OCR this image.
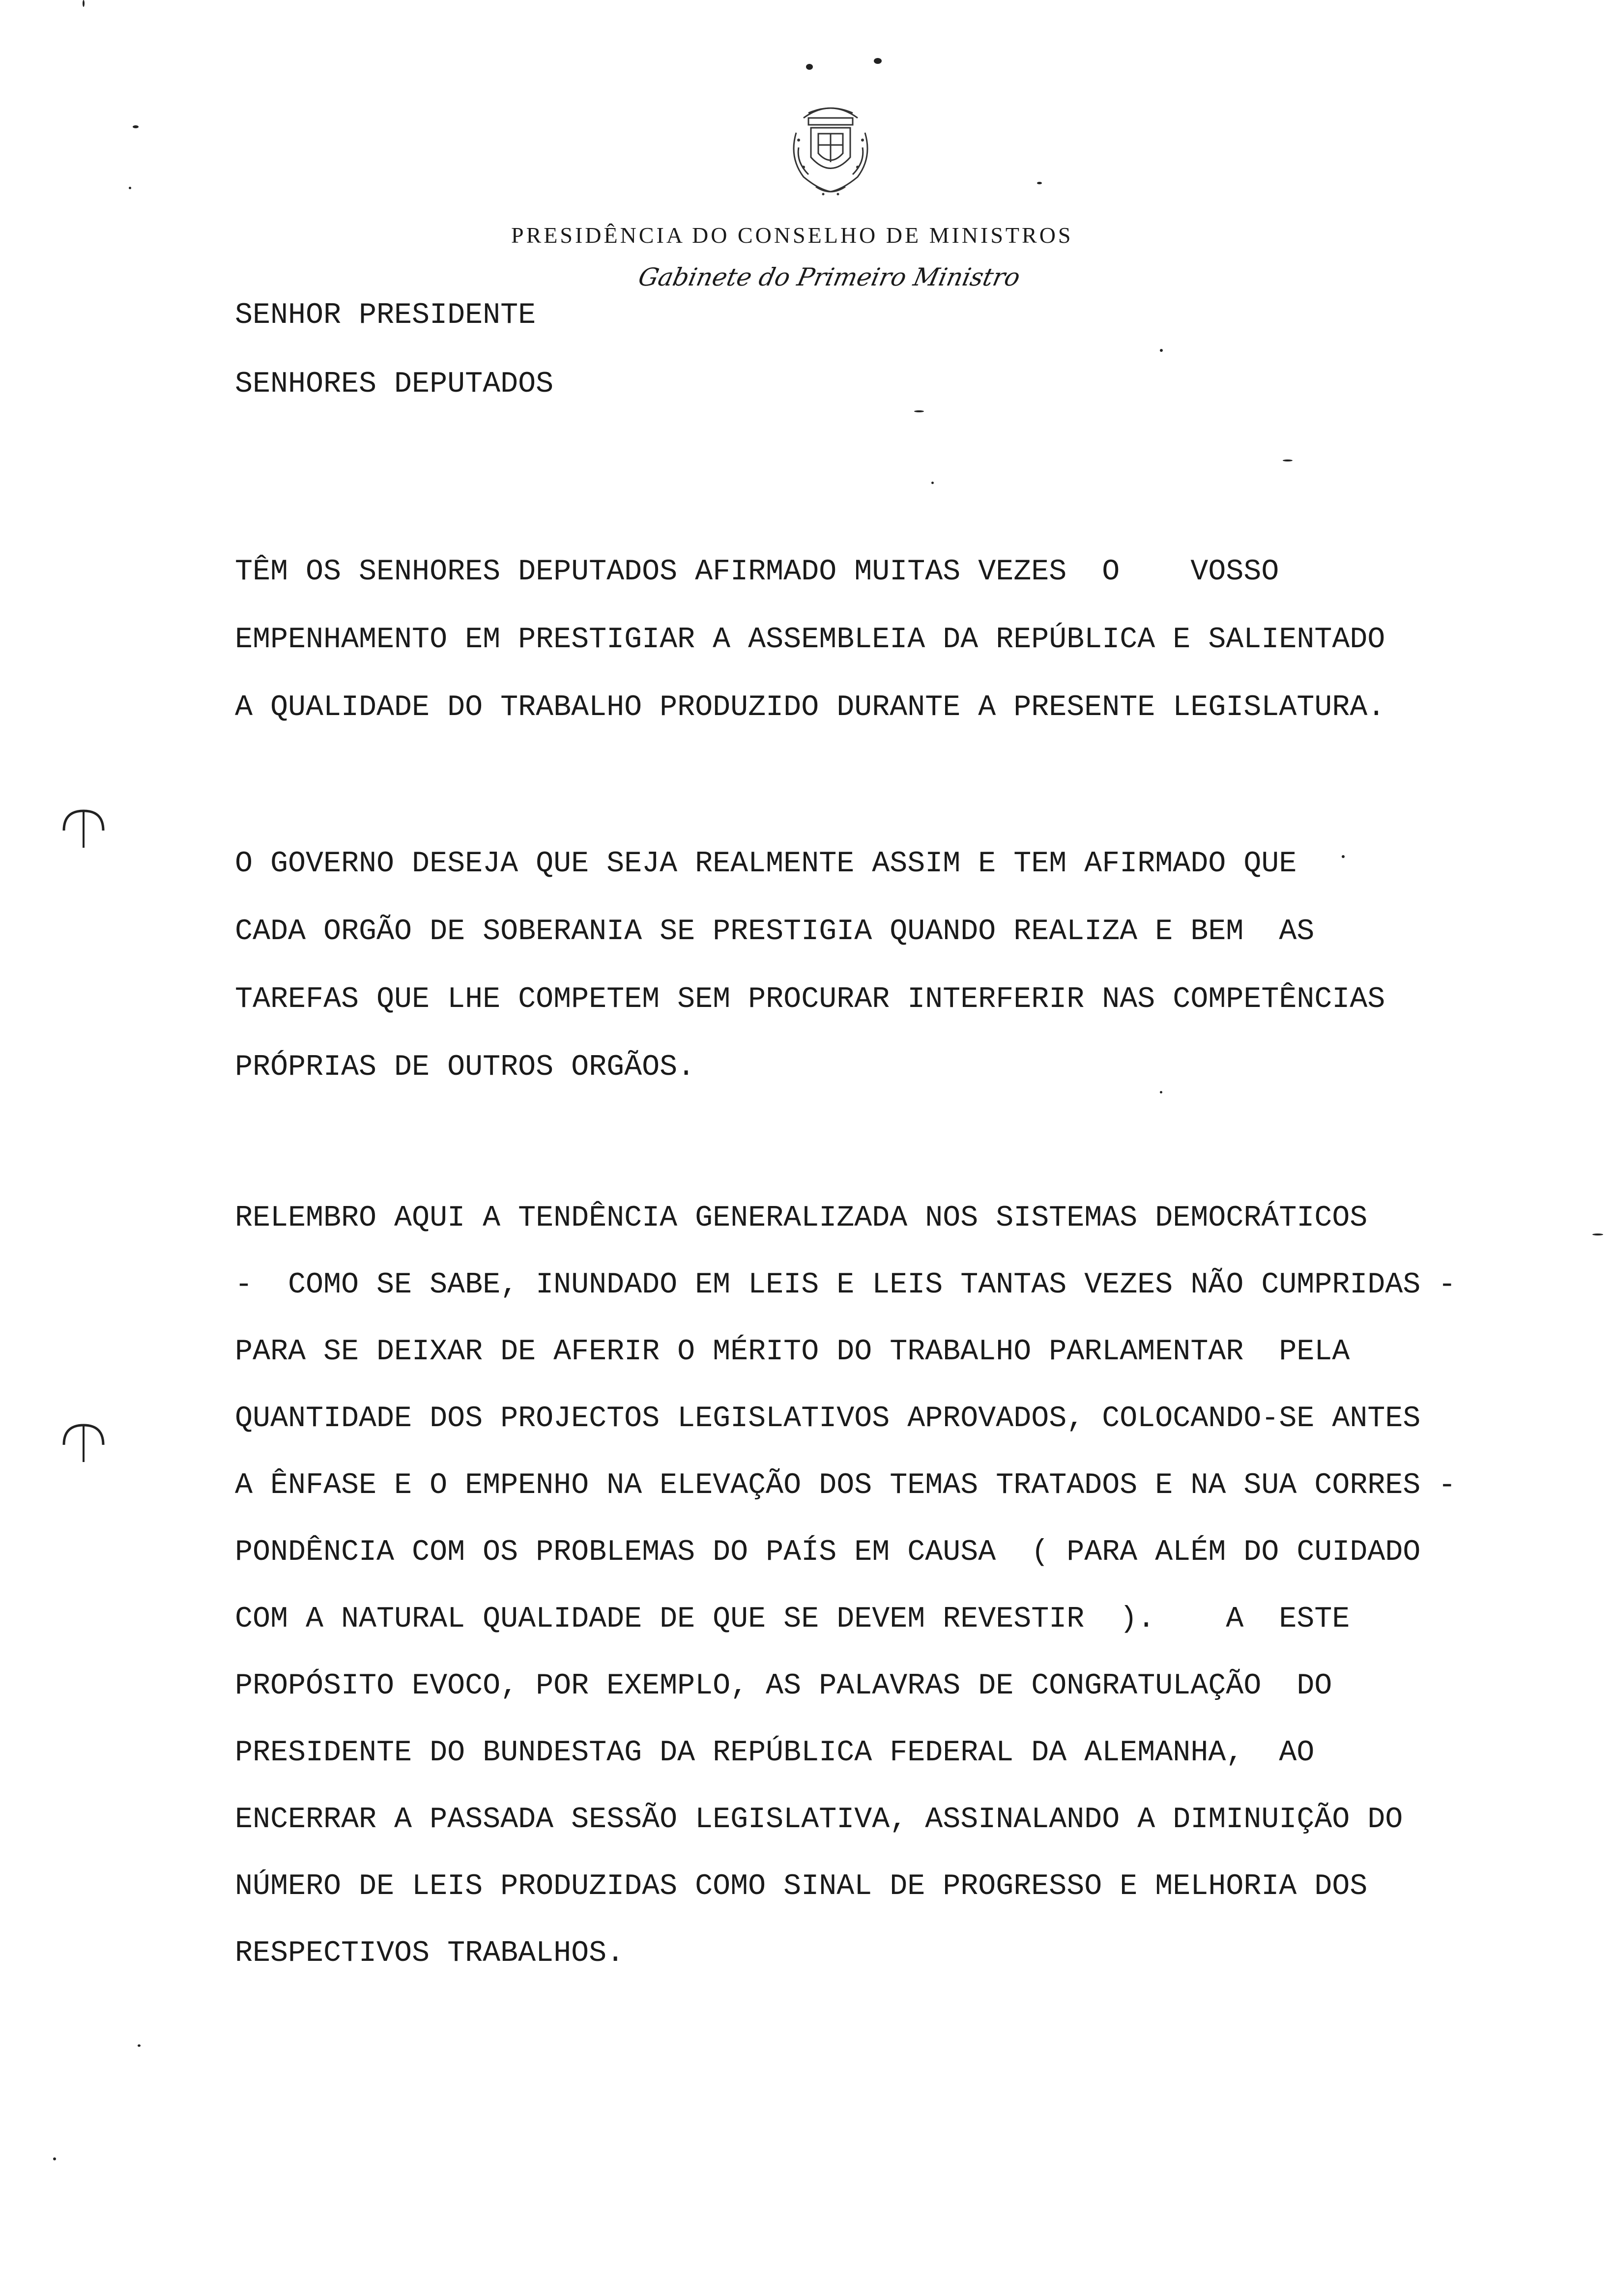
PRESIDÊNCIA DO CONSELHO DE MINISTROS
Gabinete do Primeiro Ministro
SENHOR PRESIDENTE
SENHORES DEPUTADOS
TÊM OS SENHORES DEPUTADOS AFIRMADO MUITAS VEZES  O    VOSSO
EMPENHAMENTO EM PRESTIGIAR A ASSEMBLEIA DA REPÚBLICA E SALIENTADO
A QUALIDADE DO TRABALHO PRODUZIDO DURANTE A PRESENTE LEGISLATURA.
O GOVERNO DESEJA QUE SEJA REALMENTE ASSIM E TEM AFIRMADO QUE
CADA ORGÃO DE SOBERANIA SE PRESTIGIA QUANDO REALIZA E BEM  AS
TAREFAS QUE LHE COMPETEM SEM PROCURAR INTERFERIR NAS COMPETÊNCIAS
PRÓPRIAS DE OUTROS ORGÃOS.
RELEMBRO AQUI A TENDÊNCIA GENERALIZADA NOS SISTEMAS DEMOCRÁTICOS
-  COMO SE SABE, INUNDADO EM LEIS E LEIS TANTAS VEZES NÃO CUMPRIDAS -
PARA SE DEIXAR DE AFERIR O MÉRITO DO TRABALHO PARLAMENTAR  PELA
QUANTIDADE DOS PROJECTOS LEGISLATIVOS APROVADOS, COLOCANDO-SE ANTES
A ÊNFASE E O EMPENHO NA ELEVAÇÃO DOS TEMAS TRATADOS E NA SUA CORRES -
PONDÊNCIA COM OS PROBLEMAS DO PAÍS EM CAUSA  ( PARA ALÉM DO CUIDADO
COM A NATURAL QUALIDADE DE QUE SE DEVEM REVESTIR  ).    A  ESTE
PROPÓSITO EVOCO, POR EXEMPLO, AS PALAVRAS DE CONGRATULAÇÃO  DO
PRESIDENTE DO BUNDESTAG DA REPÚBLICA FEDERAL DA ALEMANHA,  AO
ENCERRAR A PASSADA SESSÃO LEGISLATIVA, ASSINALANDO A DIMINUIÇÃO DO
NÚMERO DE LEIS PRODUZIDAS COMO SINAL DE PROGRESSO E MELHORIA DOS
RESPECTIVOS TRABALHOS.
